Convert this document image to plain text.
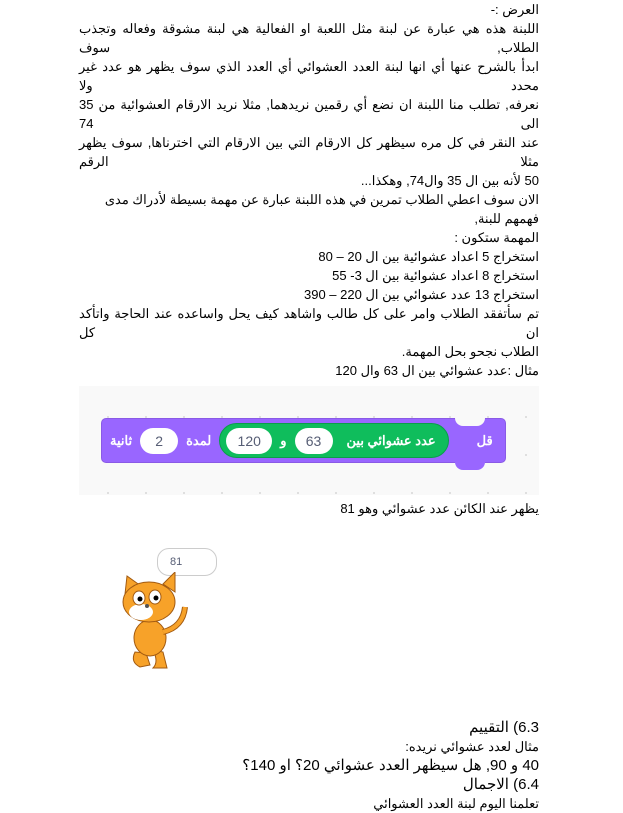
العرض :-
اللبنة هذه هي عبارة عن لبنة مثل اللعبة او الفعالية هي لبنة مشوقة وفعاله وتجذب الطلاب, سوف
ابدأ بالشرح عنها أي انها لبنة العدد العشوائي أي العدد الذي سوف يظهر هو عدد غير محدد ولا
نعرفه, تطلب منا اللبنة ان نضع أي رقمين نريدهما, مثلا نريد الارقام العشوائية من 35 الى 74
عند النقر في كل مره سيظهر كل الارقام التي بين الارقام التي اخترناها, سوف يظهر مثلا الرقم
50 لأنه بين ال 35 وال74, وهكذا...
الان سوف اعطي الطلاب تمرين في هذه اللبنة عبارة عن مهمة بسيطة لأدراك مدى فهمهم للبنة,
المهمة ستكون :
استخراج 5 اعداد عشوائية بين ال 20 – 80
استخراج 8 اعداد عشوائية بين ال 3- 55
استخراج 13 عدد عشوائي بين ال 220 – 390
تم سأتفقد الطلاب وامر على كل طالب واشاهد كيف يحل واساعده عند الحاجة واتأكد ان كل
الطلاب نجحو بحل المهمة.
مثال :عدد عشوائي بين ال 63 وال 120
قل
عدد عشوائي بين
63
و
120
لمدة
2
ثانية
يظهر عند الكائن عدد عشوائي وهو 81
81
6.3) التقييم
مثال لعدد عشوائي نريده:
40 و 90, هل سيظهر العدد عشوائي 20؟ او 140؟
6.4) الاجمال
تعلمنا اليوم لبنة العدد العشوائي
